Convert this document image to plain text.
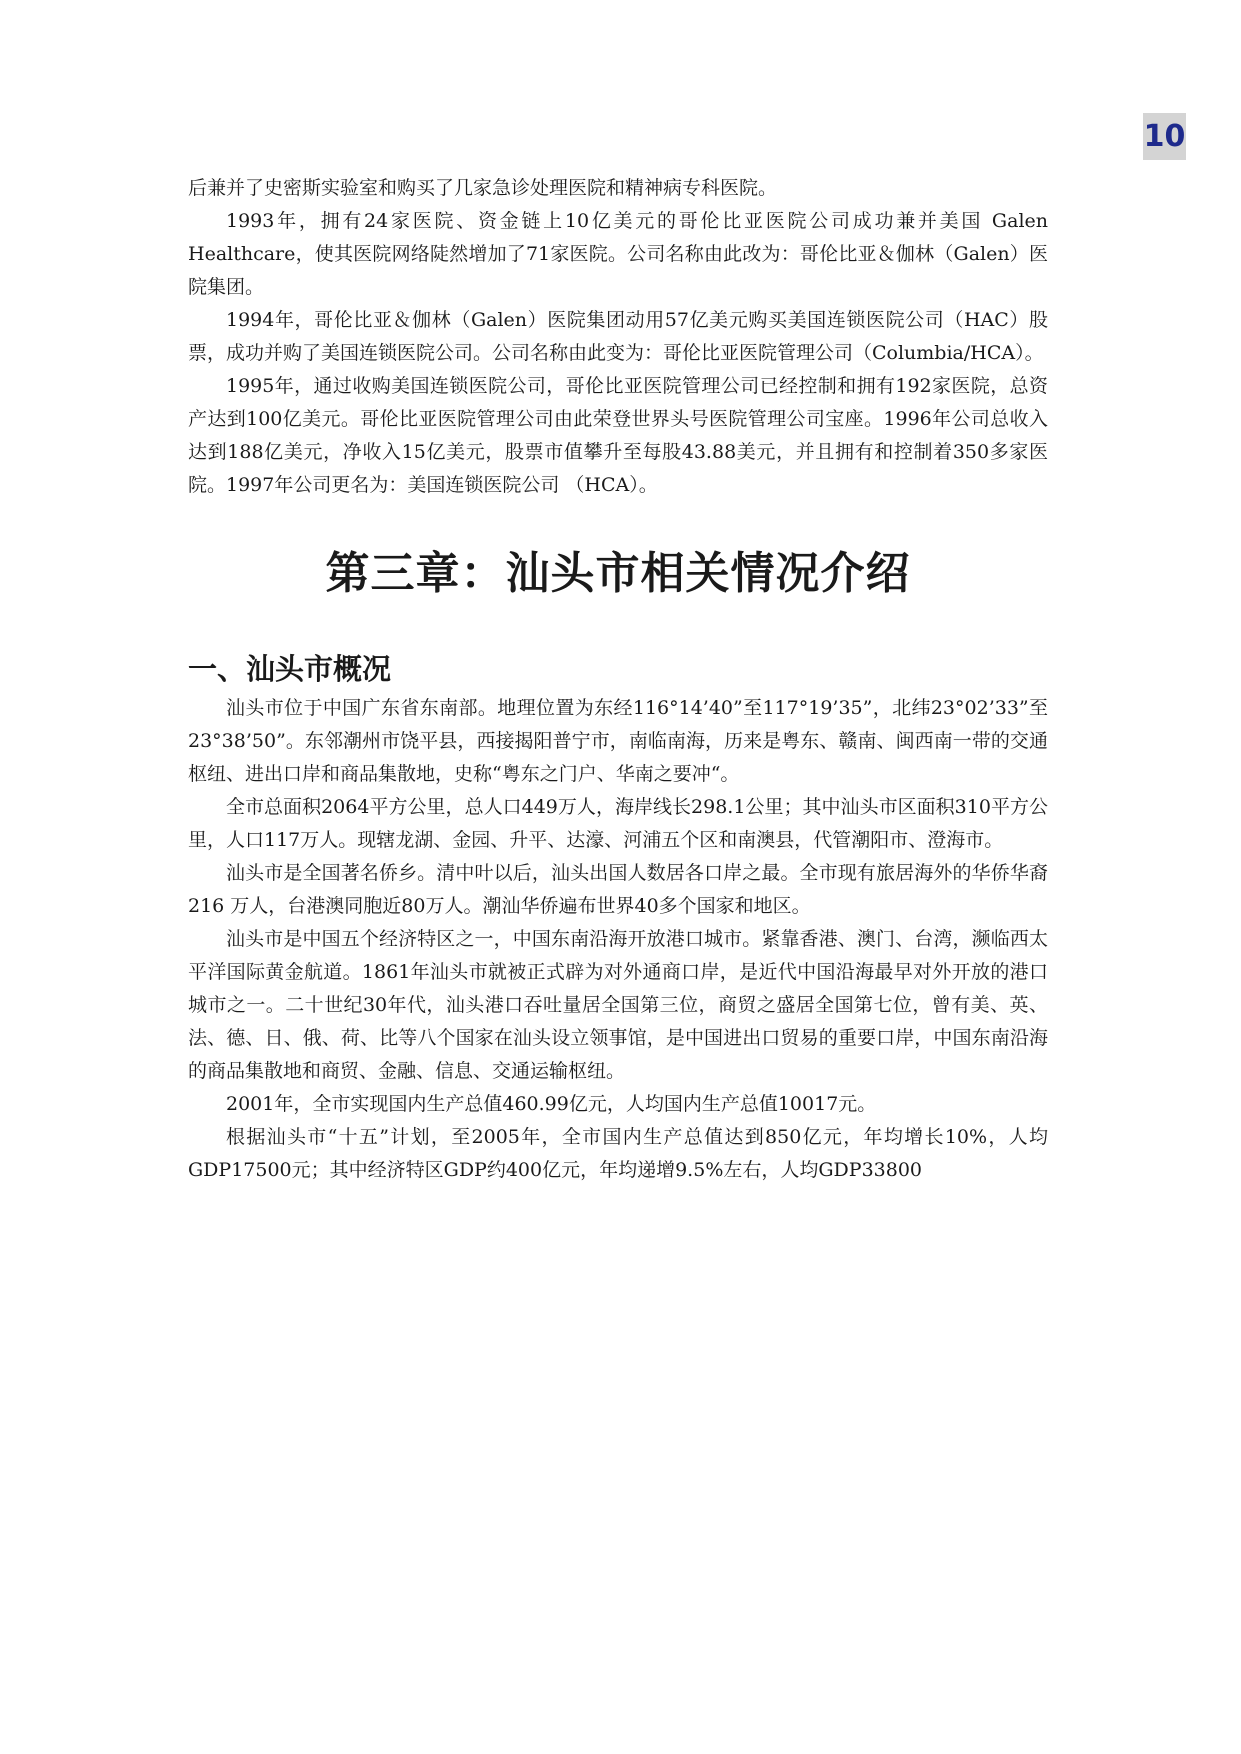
10

后兼并了史密斯实验室和购买了几家急诊处理医院和精神病专科医院。

1993年，拥有24家医院、资金链上10亿美元的哥伦比亚医院公司成功兼并美国 Galen Healthcare，使其医院网络陡然增加了71家医院。公司名称由此改为：哥伦比亚＆伽林（Galen）医院集团。

1994年，哥伦比亚＆伽林（Galen）医院集团动用57亿美元购买美国连锁医院公司（HAC）股票，成功并购了美国连锁医院公司。公司名称由此变为：哥伦比亚医院管理公司（Columbia/HCA）。

1995年，通过收购美国连锁医院公司，哥伦比亚医院管理公司已经控制和拥有192家医院，总资产达到100亿美元。哥伦比亚医院管理公司由此荣登世界头号医院管理公司宝座。1996年公司总收入达到188亿美元，净收入15亿美元，股票市值攀升至每股43.88美元，并且拥有和控制着350多家医院。1997年公司更名为：美国连锁医院公司 （HCA）。

第三章：汕头市相关情况介绍
一、汕头市概况

汕头市位于中国广东省东南部。地理位置为东经116°14’40”至117°19’35”，北纬23°02’33”至23°38’50”。东邻潮州市饶平县，西接揭阳普宁市，南临南海，历来是粤东、赣南、闽西南一带的交通枢纽、进出口岸和商品集散地，史称“粤东之门户、华南之要冲“。

全市总面积2064平方公里，总人口449万人，海岸线长298.1公里；其中汕头市区面积310平方公里，人口117万人。现辖龙湖、金园、升平、达濠、河浦五个区和南澳县，代管潮阳市、澄海市。

汕头市是全国著名侨乡。清中叶以后，汕头出国人数居各口岸之最。全市现有旅居海外的华侨华裔216 万人，台港澳同胞近80万人。潮汕华侨遍布世界40多个国家和地区。

汕头市是中国五个经济特区之一，中国东南沿海开放港口城市。紧靠香港、澳门、台湾，濒临西太平洋国际黄金航道。1861年汕头市就被正式辟为对外通商口岸，是近代中国沿海最早对外开放的港口城市之一。二十世纪30年代，汕头港口吞吐量居全国第三位，商贸之盛居全国第七位，曾有美、英、法、德、日、俄、荷、比等八个国家在汕头设立领事馆，是中国进出口贸易的重要口岸，中国东南沿海的商品集散地和商贸、金融、信息、交通运输枢纽。

2001年，全市实现国内生产总值460.99亿元，人均国内生产总值10017元。

根据汕头市“十五”计划，至2005年，全市国内生产总值达到850亿元，年均增长10%，人均GDP17500元；其中经济特区GDP约400亿元，年均递增9.5%左右，人均GDP33800
